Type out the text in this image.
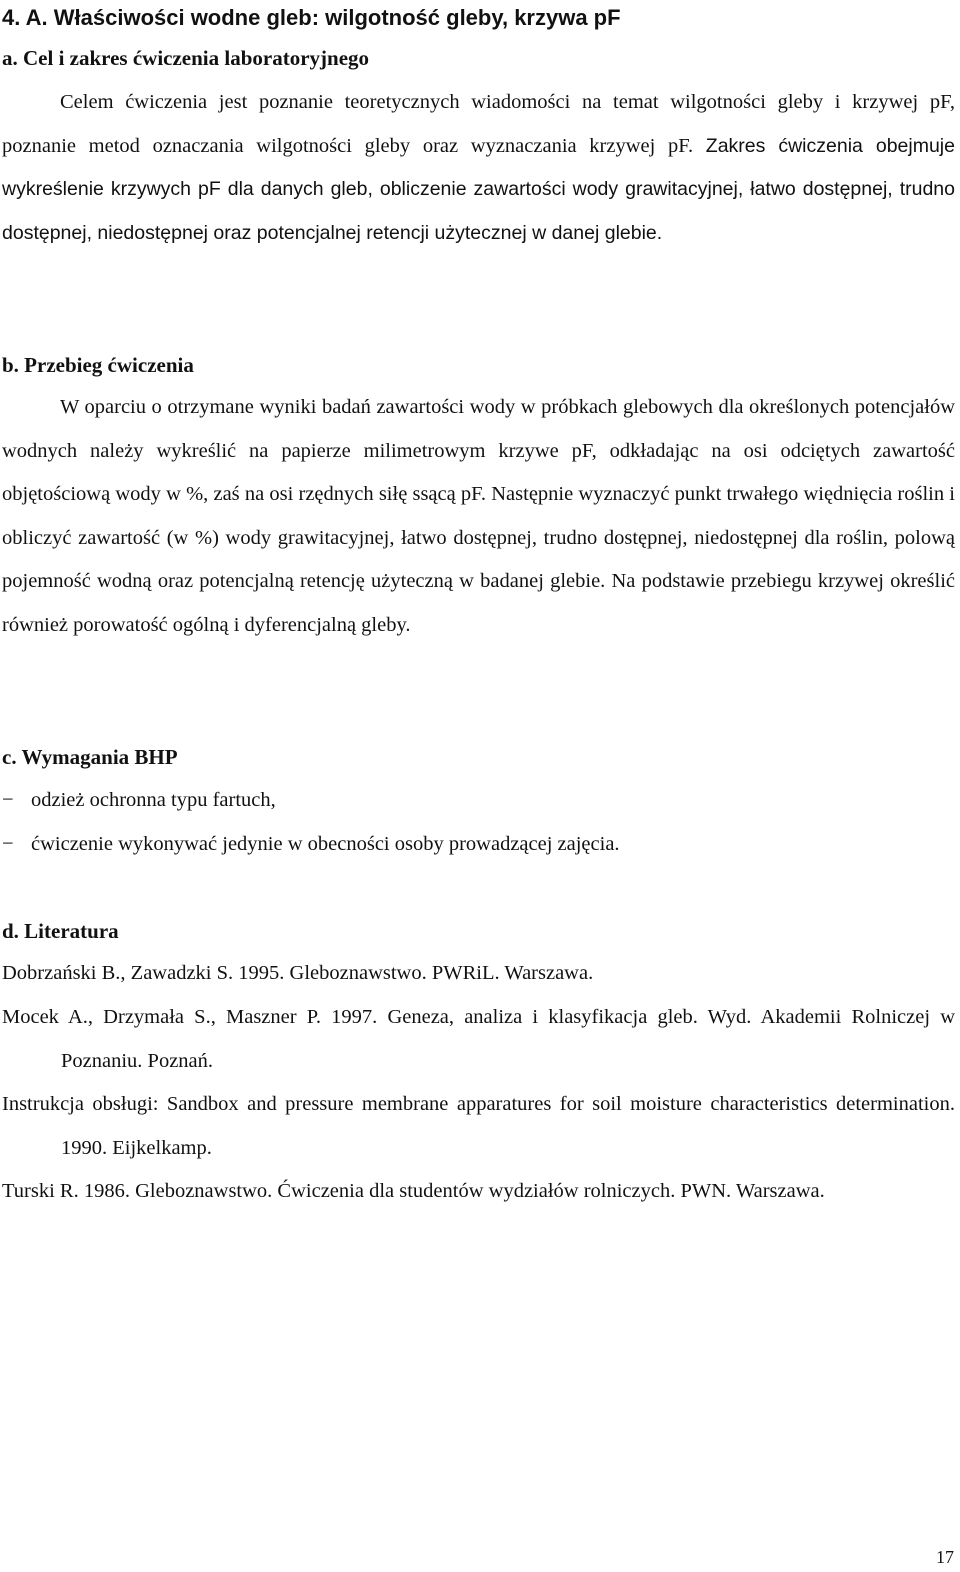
4. A. Właściwości wodne gleb: wilgotność gleby, krzywa pF
a. Cel i zakres ćwiczenia laboratoryjnego

Celem ćwiczenia jest poznanie teoretycznych wiadomości na temat wilgotności gleby i krzywej pF, poznanie metod oznaczania wilgotności gleby oraz wyznaczania krzywej pF. Zakres ćwiczenia obejmuje wykreślenie krzywych pF dla danych gleb, obliczenie zawartości wody grawitacyjnej, łatwo dostępnej, trudno dostępnej, niedostępnej oraz potencjalnej retencji użytecznej w danej glebie.

b. Przebieg ćwiczenia

W oparciu o otrzymane wyniki badań zawartości wody w próbkach glebowych dla określonych potencjałów wodnych należy wykreślić na papierze milimetrowym krzywe pF, odkładając na osi odciętych zawartość objętościową wody w %, zaś na osi rzędnych siłę ssącą pF. Następnie wyznaczyć punkt trwałego więdnięcia roślin i obliczyć zawartość (w %) wody grawitacyjnej, łatwo dostępnej, trudno dostępnej, niedostępnej dla roślin, polową pojemność wodną oraz potencjalną retencję użyteczną w badanej glebie. Na podstawie przebiegu krzywej określić również porowatość ogólną i dyferencjalną gleby.

c. Wymagania BHP
− odzież ochronna typu fartuch,
− ćwiczenie wykonywać jedynie w obecności osoby prowadzącej zajęcia.
d. Literatura

Dobrzański B., Zawadzki S. 1995. Gleboznawstwo. PWRiL. Warszawa.

Mocek A., Drzymała S., Maszner P. 1997. Geneza, analiza i klasyfikacja gleb. Wyd. Akademii Rolniczej w Poznaniu. Poznań.

Instrukcja obsługi: Sandbox and pressure membrane apparatures for soil moisture characteristics determination. 1990. Eijkelkamp.

Turski R. 1986. Gleboznawstwo. Ćwiczenia dla studentów wydziałów rolniczych. PWN. Warszawa.

17
